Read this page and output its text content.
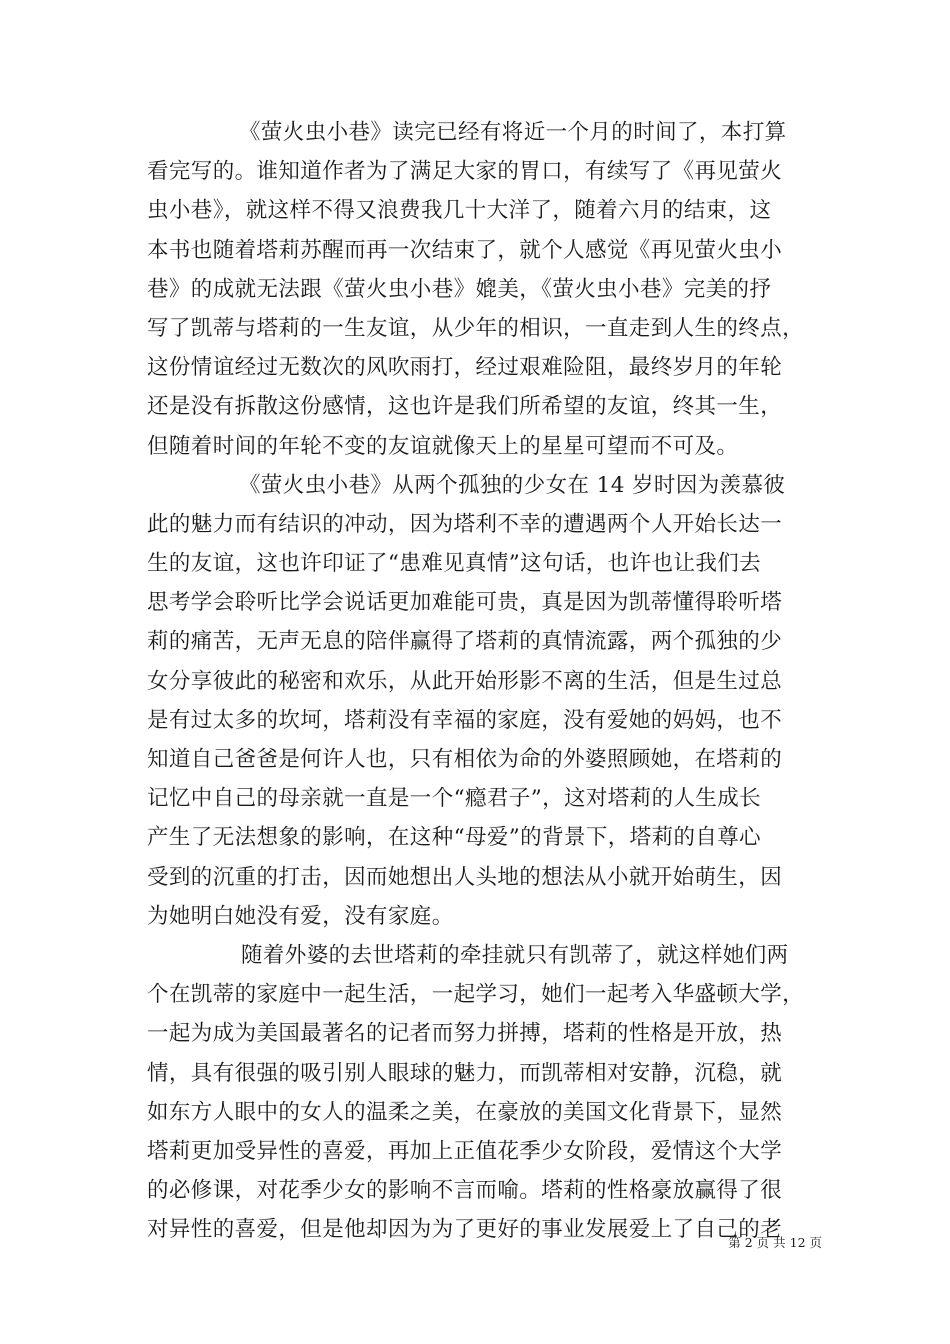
《萤火虫小巷》读完已经有将近一个月的时间了，本打算
看完写的。谁知道作者为了满足大家的胃口，有续写了《再见萤火
虫小巷》，就这样不得又浪费我几十大洋了，随着六月的结束，这
本书也随着塔莉苏醒而再一次结束了，就个人感觉《再见萤火虫小
巷》的成就无法跟《萤火虫小巷》媲美，《萤火虫小巷》完美的抒
写了凯蒂与塔莉的一生友谊，从少年的相识，一直走到人生的终点，
这份情谊经过无数次的风吹雨打，经过艰难险阻，最终岁月的年轮
还是没有拆散这份感情，这也许是我们所希望的友谊，终其一生，
但随着时间的年轮不变的友谊就像天上的星星可望而不可及。
《萤火虫小巷》从两个孤独的少女在 14 岁时因为羡慕彼
此的魅力而有结识的冲动，因为塔利不幸的遭遇两个人开始长达一
生的友谊，这也许印证了“患难见真情”这句话，也许也让我们去
思考学会聆听比学会说话更加难能可贵，真是因为凯蒂懂得聆听塔
莉的痛苦，无声无息的陪伴赢得了塔莉的真情流露，两个孤独的少
女分享彼此的秘密和欢乐，从此开始形影不离的生活，但是生过总
是有过太多的坎坷，塔莉没有幸福的家庭，没有爱她的妈妈，也不
知道自己爸爸是何许人也，只有相依为命的外婆照顾她，在塔莉的
记忆中自己的母亲就一直是一个“瘾君子”，这对塔莉的人生成长
产生了无法想象的影响，在这种“母爱”的背景下，塔莉的自尊心
受到的沉重的打击，因而她想出人头地的想法从小就开始萌生，因
为她明白她没有爱，没有家庭。
随着外婆的去世塔莉的牵挂就只有凯蒂了，就这样她们两
个在凯蒂的家庭中一起生活，一起学习，她们一起考入华盛顿大学，
一起为成为美国最著名的记者而努力拼搏，塔莉的性格是开放，热
情，具有很强的吸引别人眼球的魅力，而凯蒂相对安静，沉稳，就
如东方人眼中的女人的温柔之美，在豪放的美国文化背景下，显然
塔莉更加受异性的喜爱，再加上正值花季少女阶段，爱情这个大学
的必修课，对花季少女的影响不言而喻。塔莉的性格豪放赢得了很
对异性的喜爱，但是他却因为为了更好的事业发展爱上了自己的老
第 2 页 共 12 页
